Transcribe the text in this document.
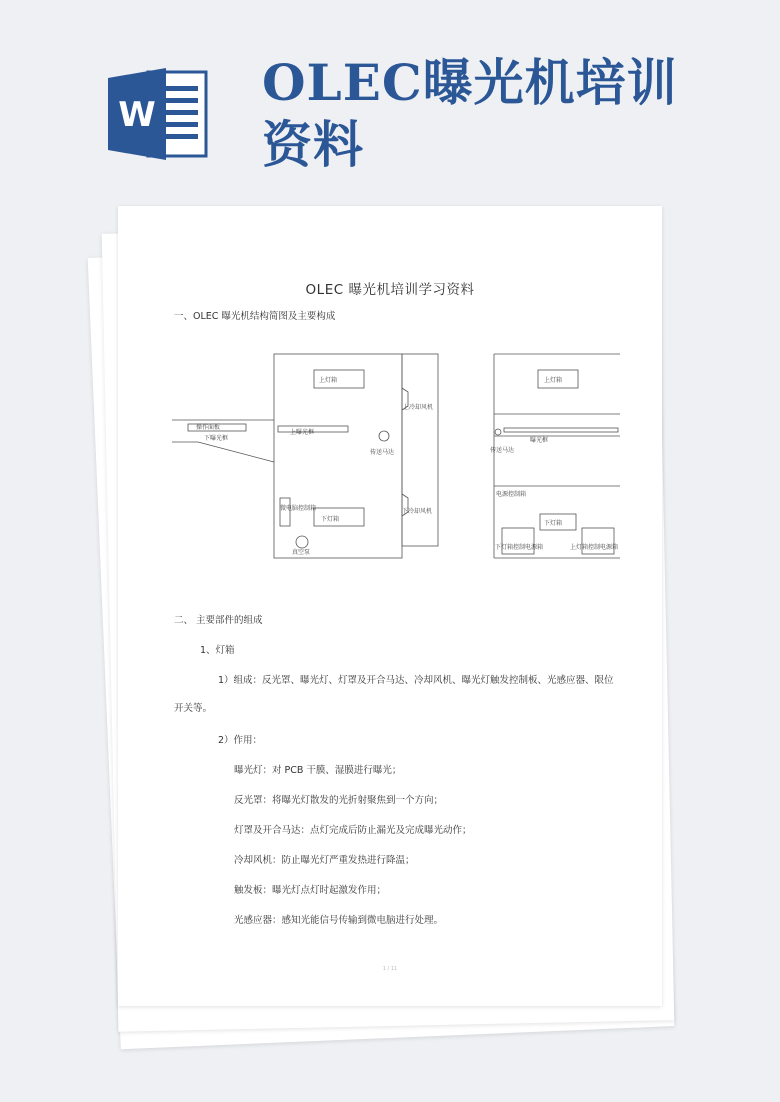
W
OLEC曝光机培训资料
OLEC 曝光机培训学习资料
一、OLEC 曝光机结构简图及主要构成
上灯箱
上冷却风机
操作面板
下曝光框
上曝光框
传送马达
微电脑控制箱
下灯箱
下冷却风机
真空泵
上灯箱
曝光框
传送马达
电源控制箱
下灯箱
下灯箱控制电源箱	上灯箱控制电源箱
二、 主要部件的组成
1、灯箱
1）组成：反光罩、曝光灯、灯罩及开合马达、冷却风机、曝光灯触发控制板、光感应器、限位
开关等。
2）作用：
曝光灯：对 PCB 干膜、湿膜进行曝光；
反光罩：将曝光灯散发的光折射聚焦到一个方向；
灯罩及开合马达：点灯完成后防止漏光及完成曝光动作；
冷却风机：防止曝光灯严重发热进行降温；
触发板：曝光灯点灯时起激发作用；
光感应器：感知光能信号传输到微电脑进行处理。
1 / 11
